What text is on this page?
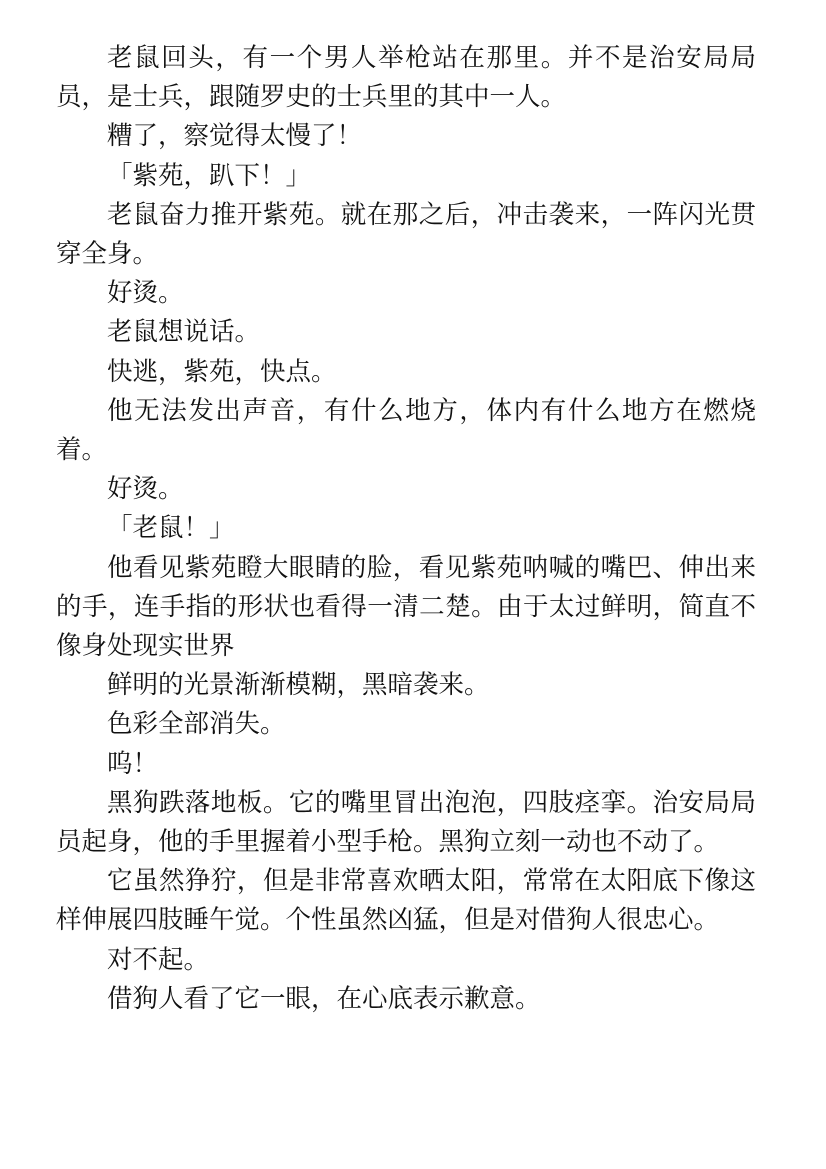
老鼠回头，有一个男人举枪站在那里。并不是治安局局员，是士兵，跟随罗史的士兵里的其中一人。

糟了，察觉得太慢了！

「紫苑，趴下！」

老鼠奋力推开紫苑。就在那之后，冲击袭来，一阵闪光贯穿全身。

好烫。

老鼠想说话。

快逃，紫苑，快点。

他无法发出声音，有什么地方，体内有什么地方在燃烧着。

好烫。

「老鼠！」

他看见紫苑瞪大眼睛的脸，看见紫苑呐喊的嘴巴、伸出来的手，连手指的形状也看得一清二楚。由于太过鲜明，简直不像身处现实世界

鲜明的光景渐渐模糊，黑暗袭来。

色彩全部消失。

呜！

黑狗跌落地板。它的嘴里冒出泡泡，四肢痉挛。治安局局员起身，他的手里握着小型手枪。黑狗立刻一动也不动了。

它虽然狰狞，但是非常喜欢晒太阳，常常在太阳底下像这样伸展四肢睡午觉。个性虽然凶猛，但是对借狗人很忠心。

对不起。

借狗人看了它一眼，在心底表示歉意。
